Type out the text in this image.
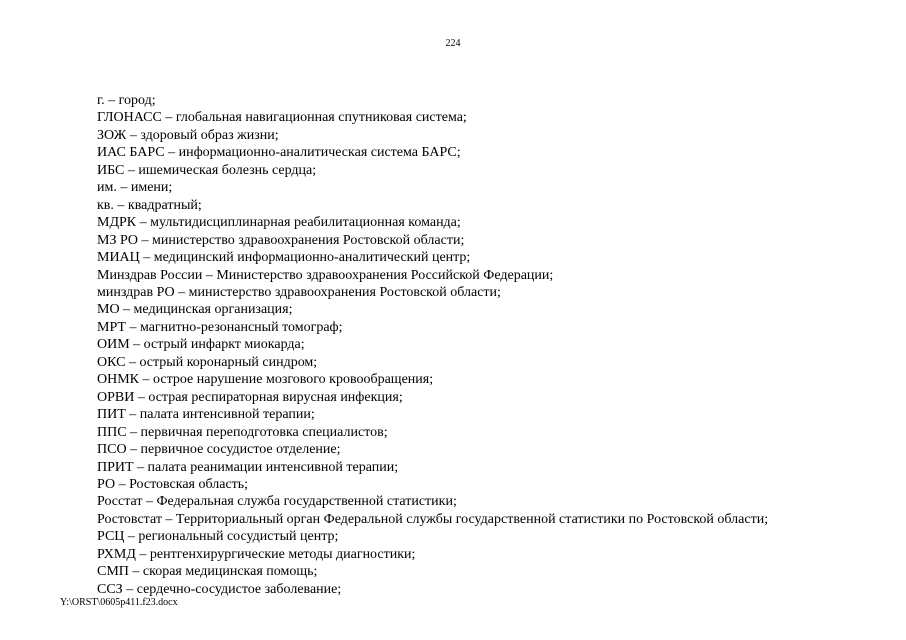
224
г. – город;
ГЛОНАСС – глобальная навигационная спутниковая система;
ЗОЖ – здоровый образ жизни;
ИАС БАРС – информационно-аналитическая система БАРС;
ИБС – ишемическая болезнь сердца;
им. – имени;
кв. – квадратный;
МДРК – мультидисциплинарная реабилитационная команда;
МЗ РО – министерство здравоохранения Ростовской области;
МИАЦ – медицинский информационно-аналитический центр;
Минздрав России – Министерство здравоохранения Российской Федерации;
минздрав РО – министерство здравоохранения Ростовской области;
МО – медицинская организация;
МРТ – магнитно-резонансный томограф;
ОИМ – острый инфаркт миокарда;
ОКС – острый коронарный синдром;
ОНМК – острое нарушение мозгового кровообращения;
ОРВИ – острая респираторная вирусная инфекция;
ПИТ – палата интенсивной терапии;
ППС – первичная переподготовка специалистов;
ПСО – первичное сосудистое отделение;
ПРИТ – палата реанимации интенсивной терапии;
РО – Ростовская область;
Росстат – Федеральная служба государственной статистики;
Ростовстат – Территориальный орган Федеральной службы государственной статистики по Ростовской области;
РСЦ – региональный сосудистый центр;
РХМД – рентгенхирургические методы диагностики;
СМП – скорая медицинская помощь;
ССЗ – сердечно-сосудистое заболевание;
Y:\ORST\0605p411.f23.docx
